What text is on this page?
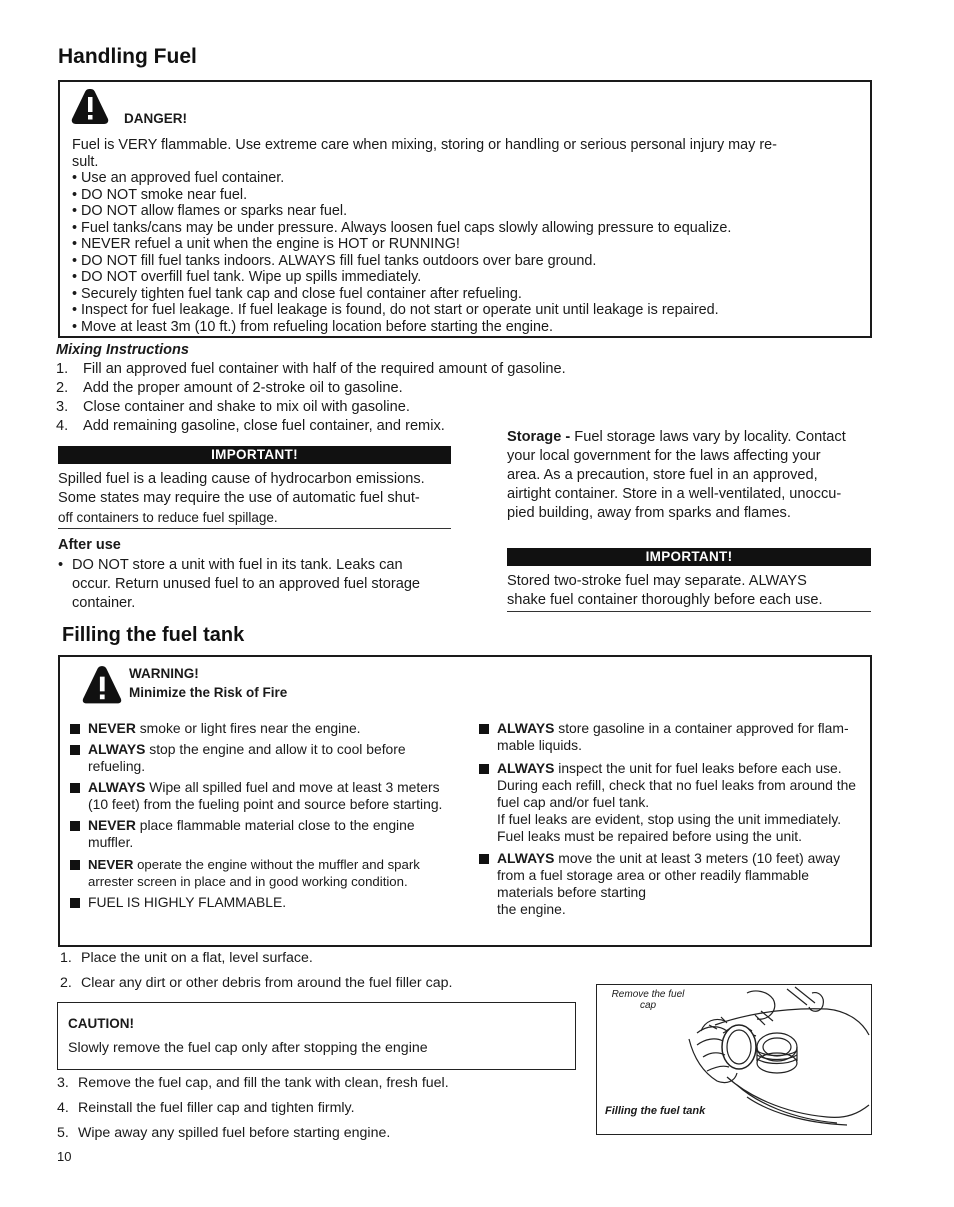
Handling Fuel
DANGER!
Fuel is VERY flammable. Use extreme care when mixing, storing or handling or serious personal injury may re-
sult.
• Use an approved fuel container.
• DO NOT smoke near fuel.
• DO NOT allow flames or sparks near fuel.
• Fuel tanks/cans may be under pressure. Always loosen fuel caps slowly allowing pressure to equalize.
• NEVER refuel a unit when the engine is HOT or RUNNING!
• DO NOT fill fuel tanks indoors. ALWAYS fill fuel tanks outdoors over bare ground.
• DO NOT overfill fuel tank. Wipe up spills immediately.
• Securely tighten fuel tank cap and close fuel container after refueling.
• Inspect for fuel leakage. If fuel leakage is found, do not start or operate unit until leakage is repaired.
• Move at least 3m (10 ft.) from refueling location before starting the engine.
Mixing Instructions
1. Fill an approved fuel container with half of the required amount of gasoline.
2. Add the proper amount of 2-stroke oil to gasoline.
3. Close container and shake to mix oil with gasoline.
4. Add remaining gasoline, close fuel container, and remix.
IMPORTANT!
Spilled fuel is a leading cause of hydrocarbon emissions.
Some states may require the use of automatic fuel shut-
off containers to reduce fuel spillage.
After use
• DO NOT store a unit with fuel in its tank. Leaks can
occur. Return unused fuel to an approved fuel storage
container.
Storage - Fuel storage laws vary by locality. Contact
your local government for the laws affecting your
area. As a precaution, store fuel in an approved,
airtight container. Store in a well-ventilated, unoccu-
pied building, away from sparks and flames.
IMPORTANT!
Stored two-stroke fuel may separate. ALWAYS
shake fuel container thoroughly before each use.
Filling the fuel tank
WARNING!
Minimize the Risk of Fire
NEVER smoke or light fires near the engine.
ALWAYS stop the engine and allow it to cool before refueling.
ALWAYS Wipe all spilled fuel and move at least 3 meters (10 feet) from the fueling point and source before starting.
NEVER place flammable material close to the engine muffler.
NEVER operate the engine without the muffler and spark arrester screen in place and in good working condition.
FUEL IS HIGHLY FLAMMABLE.
ALWAYS store gasoline in a container approved for flam-mable liquids.
ALWAYS inspect the unit for fuel leaks before each use. During each refill, check that no fuel leaks from around the fuel cap and/or fuel tank.
If fuel leaks are evident, stop using the unit immediately. Fuel leaks must be repaired before using the unit.
ALWAYS move the unit at least 3 meters (10 feet) away from a fuel storage area or other readily flammable materials before starting
the engine.
1. Place the unit on a flat, level surface.
2. Clear any dirt or other debris from around the fuel filler cap.
CAUTION!
Slowly remove the fuel cap only after stopping the engine
3. Remove the fuel cap, and fill the tank with clean, fresh fuel.
4. Reinstall the fuel filler cap and tighten firmly.
5. Wipe away any spilled fuel before starting engine.
Remove the fuel
cap
Filling the fuel tank
10
